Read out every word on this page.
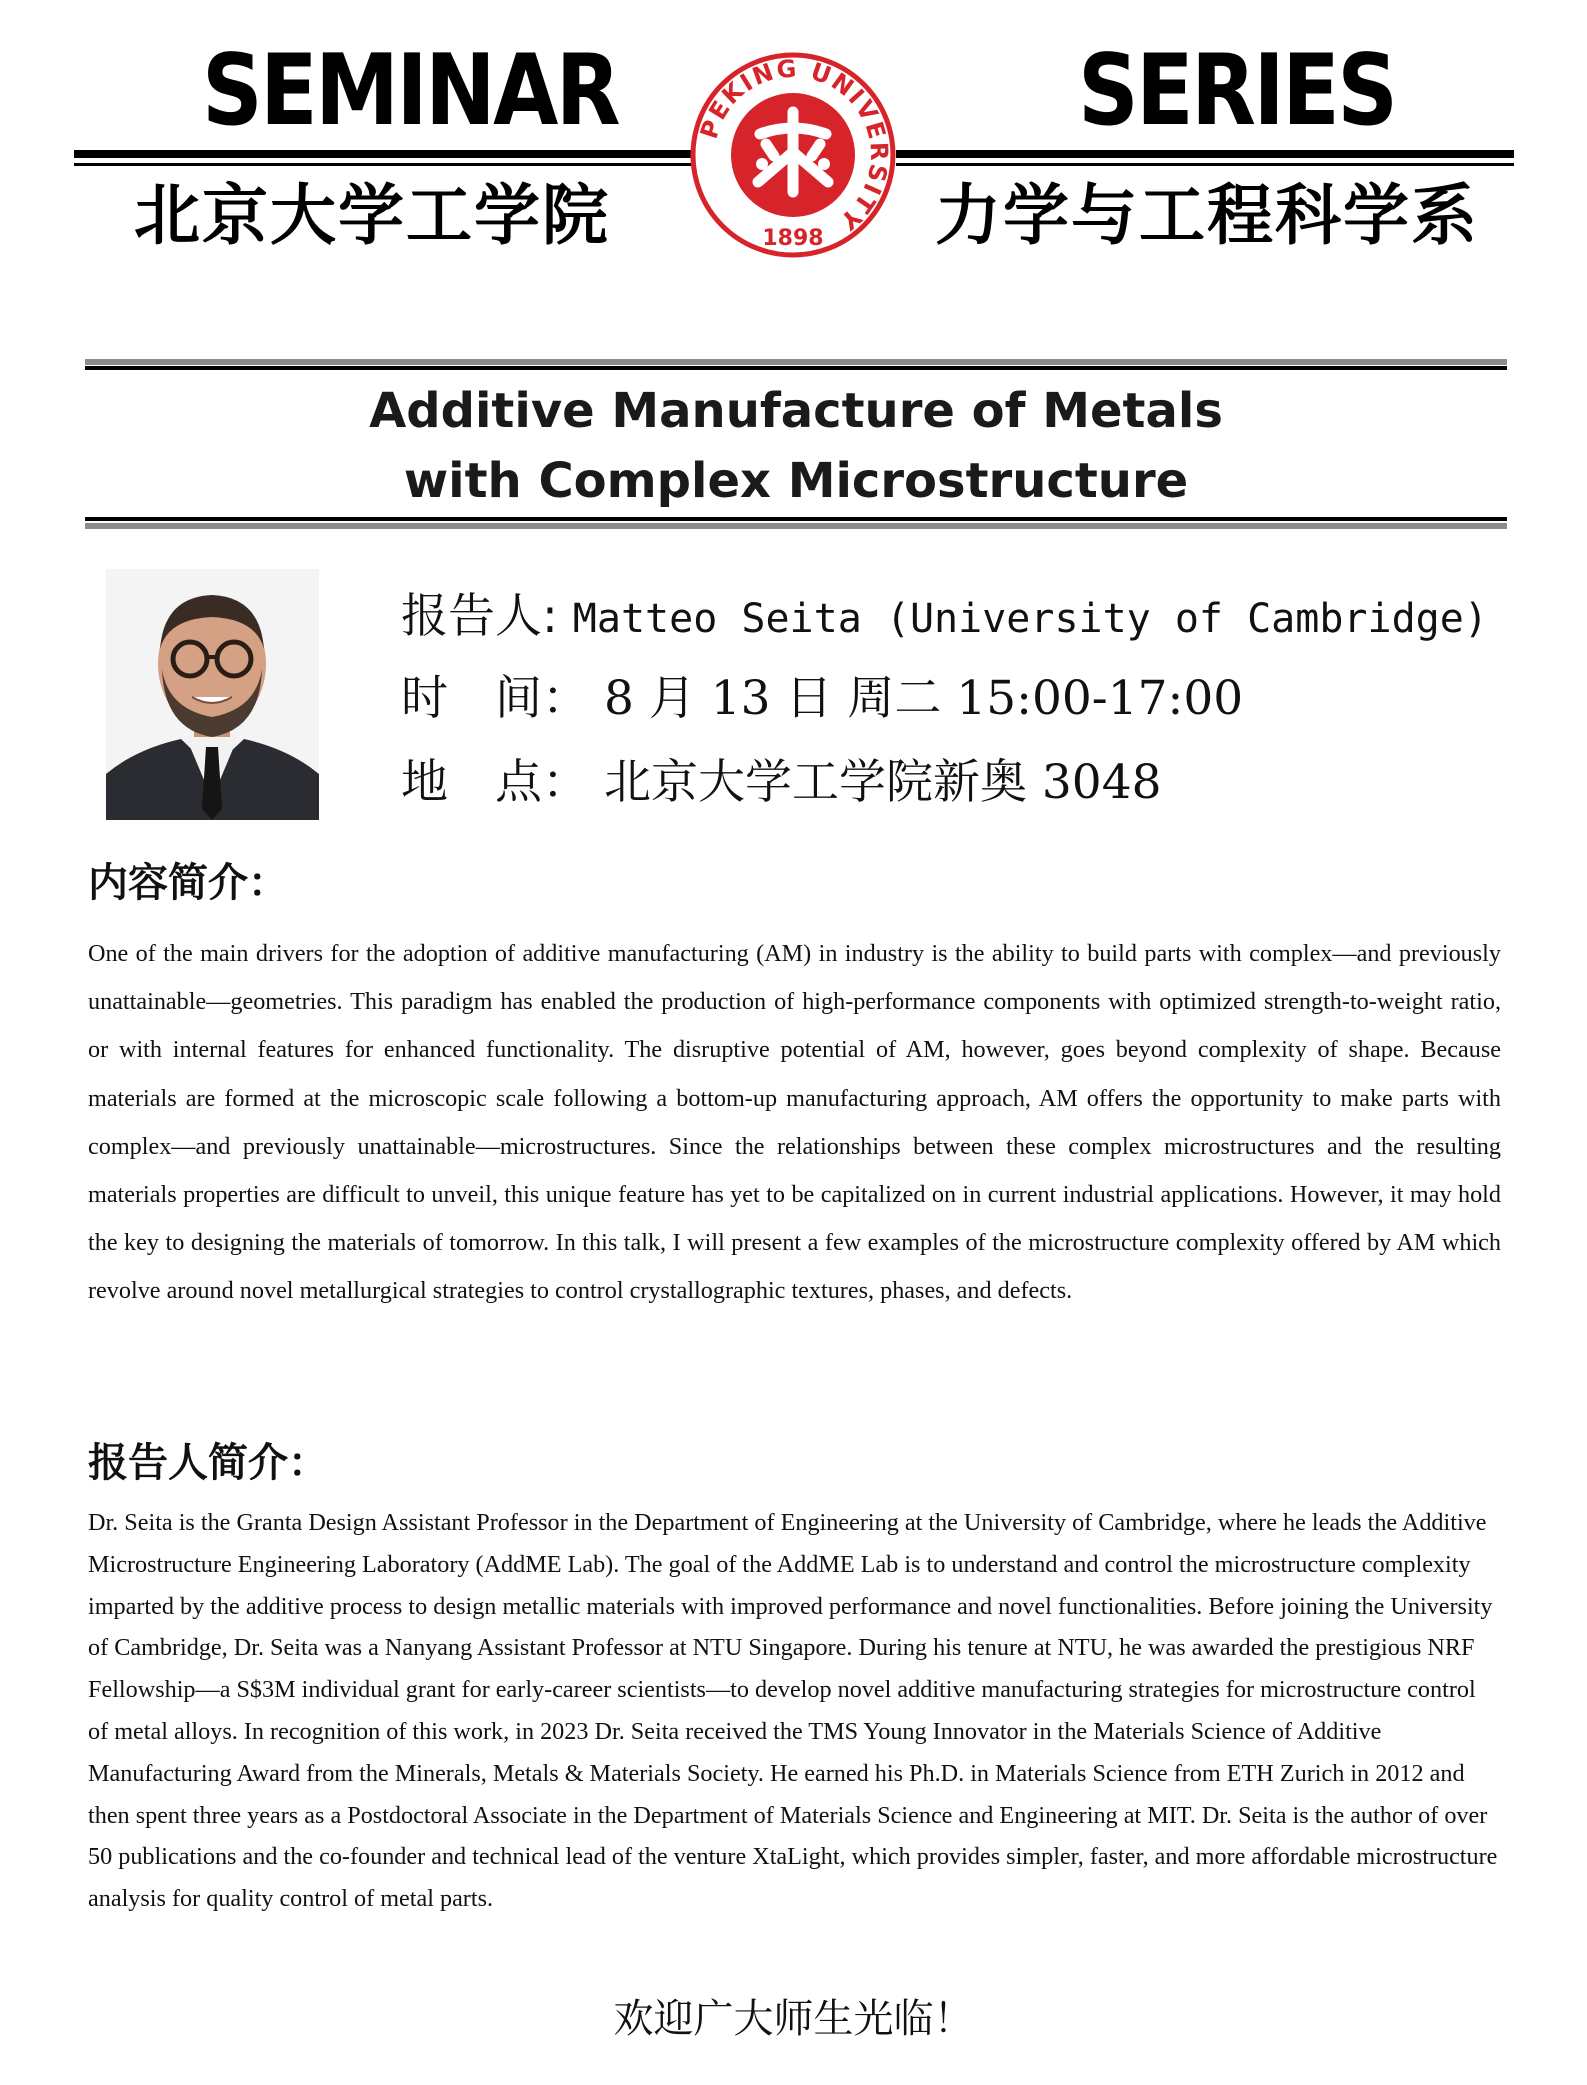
SEMINAR	SERIES
北京大学工学院	力学与工程科学系
PEKING UNIVERSITY
1898
Additive Manufacture of Metals
with Complex Microstructure
报告人: Matteo Seita (University of Cambridge)
时　间： 8 月 13 日 周二 15:00-17:00
地　点： 北京大学工学院新奥 3048
内容简介：
One of the main drivers for the adoption of additive manufacturing (AM) in industry is the ability to build parts with complex—and previously unattainable—geometries. This paradigm has enabled the production of high-performance components with optimized strength-to-weight ratio, or with internal features for enhanced functionality. The disruptive potential of AM, however, goes beyond complexity of shape. Because materials are formed at the microscopic scale following a bottom-up manufacturing approach, AM offers the opportunity to make parts with complex—and previously unattainable—microstructures. Since the relationships between these complex microstructures and the resulting materials properties are difficult to unveil, this unique feature has yet to be capitalized on in current industrial applications. However, it may hold the key to designing the materials of tomorrow. In this talk, I will present a few examples of the microstructure complexity offered by AM which revolve around novel metallurgical strategies to control crystallographic textures, phases, and defects.
报告人简介：
Dr. Seita is the Granta Design Assistant Professor in the Department of Engineering at the University of Cambridge, where he leads the Additive Microstructure Engineering Laboratory (AddME Lab). The goal of the AddME Lab is to understand and control the microstructure complexity imparted by the additive process to design metallic materials with improved performance and novel functionalities. Before joining the University of Cambridge, Dr. Seita was a Nanyang Assistant Professor at NTU Singapore. During his tenure at NTU, he was awarded the prestigious NRF Fellowship—a S$3M individual grant for early-career scientists—to develop novel additive manufacturing strategies for microstructure control of metal alloys. In recognition of this work, in 2023 Dr. Seita received the TMS Young Innovator in the Materials Science of Additive Manufacturing Award from the Minerals, Metals & Materials Society. He earned his Ph.D. in Materials Science from ETH Zurich in 2012 and then spent three years as a Postdoctoral Associate in the Department of Materials Science and Engineering at MIT. Dr. Seita is the author of over 50 publications and the co-founder and technical lead of the venture XtaLight, which provides simpler, faster, and more affordable microstructure analysis for quality control of metal parts.
欢迎广大师生光临！
